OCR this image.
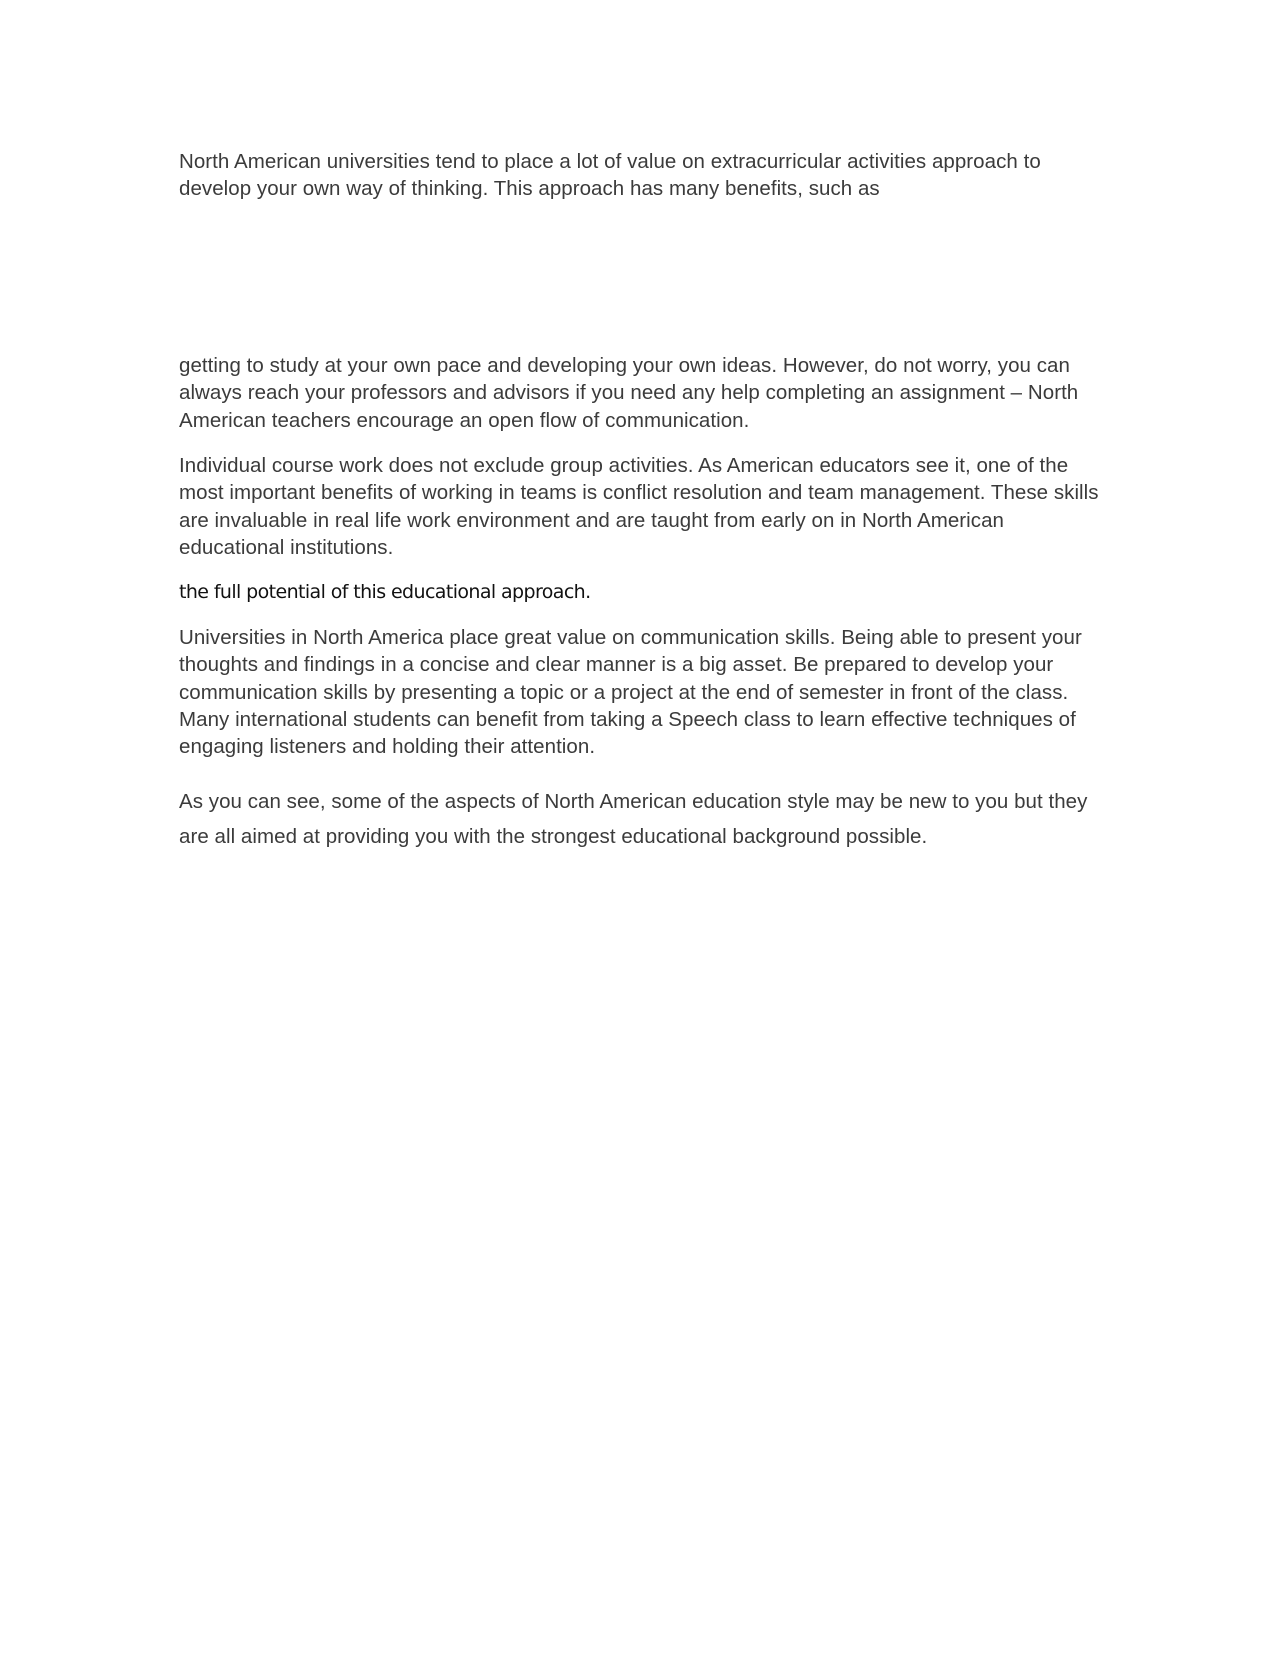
North American universities tend to place a lot of value on extracurricular activities approach to develop your own way of thinking. This approach has many benefits, such as

getting to study at your own pace and developing your own ideas. However, do not worry, you can always reach your professors and advisors if you need any help completing an assignment – North American teachers encourage an open flow of communication.

Individual course work does not exclude group activities. As American educators see it, one of the most important benefits of working in teams is conflict resolution and team management. These skills are invaluable in real life work environment and are taught from early on in North American educational institutions.

the full potential of this educational approach.

Universities in North America place great value on communication skills. Being able to present your thoughts and findings in a concise and clear manner is a big asset. Be prepared to develop your communication skills by presenting a topic or a project at the end of semester in front of the class. Many international students can benefit from taking a Speech class to learn effective techniques of engaging listeners and holding their attention.

As you can see, some of the aspects of North American education style may be new to you but they are all aimed at providing you with the strongest educational background possible.
